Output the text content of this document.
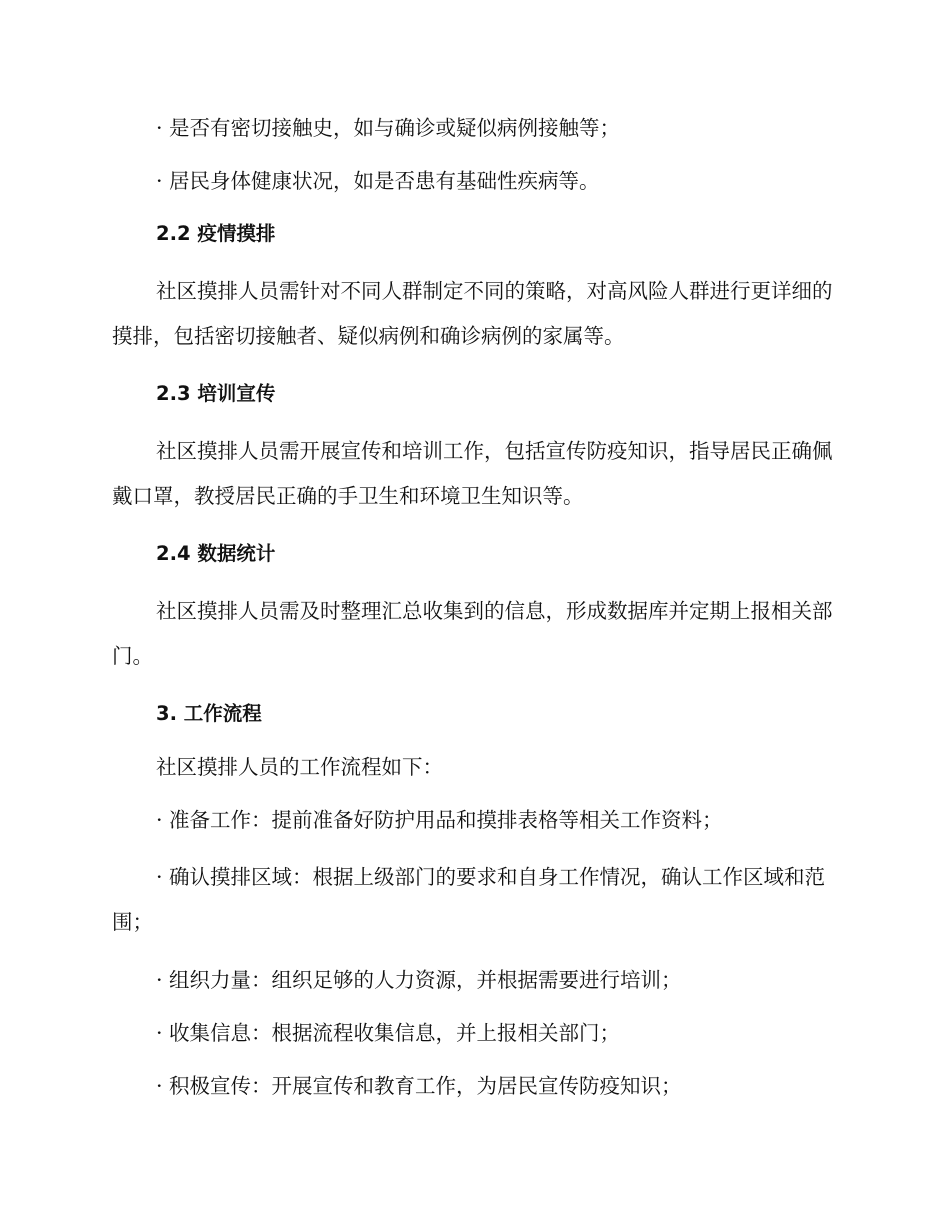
· 是否有密切接触史，如与确诊或疑似病例接触等；
· 居民身体健康状况，如是否患有基础性疾病等。
2.2 疫情摸排
社区摸排人员需针对不同人群制定不同的策略，对高风险人群进行更详细的摸排，包括密切接触者、疑似病例和确诊病例的家属等。
2.3 培训宣传
社区摸排人员需开展宣传和培训工作，包括宣传防疫知识，指导居民正确佩戴口罩，教授居民正确的手卫生和环境卫生知识等。
2.4 数据统计
社区摸排人员需及时整理汇总收集到的信息，形成数据库并定期上报相关部门。
3. 工作流程
社区摸排人员的工作流程如下：
· 准备工作：提前准备好防护用品和摸排表格等相关工作资料；
· 确认摸排区域：根据上级部门的要求和自身工作情况，确认工作区域和范围；
· 组织力量：组织足够的人力资源，并根据需要进行培训；
· 收集信息：根据流程收集信息，并上报相关部门；
· 积极宣传：开展宣传和教育工作，为居民宣传防疫知识；
